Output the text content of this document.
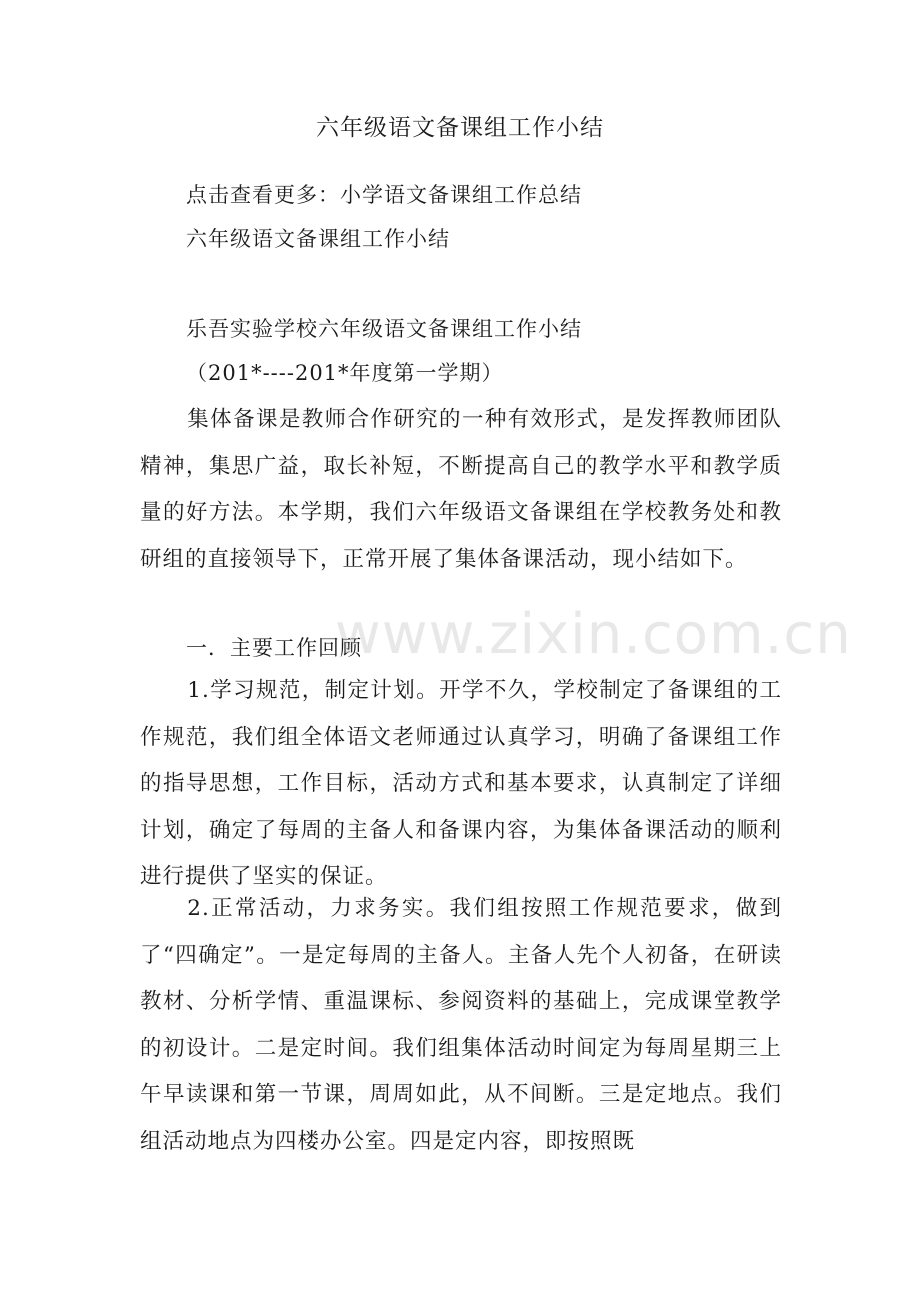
六年级语文备课组工作小结
点击查看更多：小学语文备课组工作总结
六年级语文备课组工作小结
乐吾实验学校六年级语文备课组工作小结
（201*----201*年度第一学期）
集体备课是教师合作研究的一种有效形式，是发挥教师团队精神，集思广益，取长补短，不断提高自己的教学水平和教学质量的好方法。本学期，我们六年级语文备课组在学校教务处和教研组的直接领导下，正常开展了集体备课活动，现小结如下。
一．主要工作回顾
1.学习规范，制定计划。开学不久，学校制定了备课组的工作规范，我们组全体语文老师通过认真学习，明确了备课组工作的指导思想，工作目标，活动方式和基本要求，认真制定了详细计划，确定了每周的主备人和备课内容，为集体备课活动的顺利进行提供了坚实的保证。
2.正常活动，力求务实。我们组按照工作规范要求，做到了“四确定”。一是定每周的主备人。主备人先个人初备，在研读教材、分析学情、重温课标、参阅资料的基础上，完成课堂教学的初设计。二是定时间。我们组集体活动时间定为每周星期三上午早读课和第一节课，周周如此，从不间断。三是定地点。我们组活动地点为四楼办公室。四是定内容，即按照既
www.zixin.com.cn
